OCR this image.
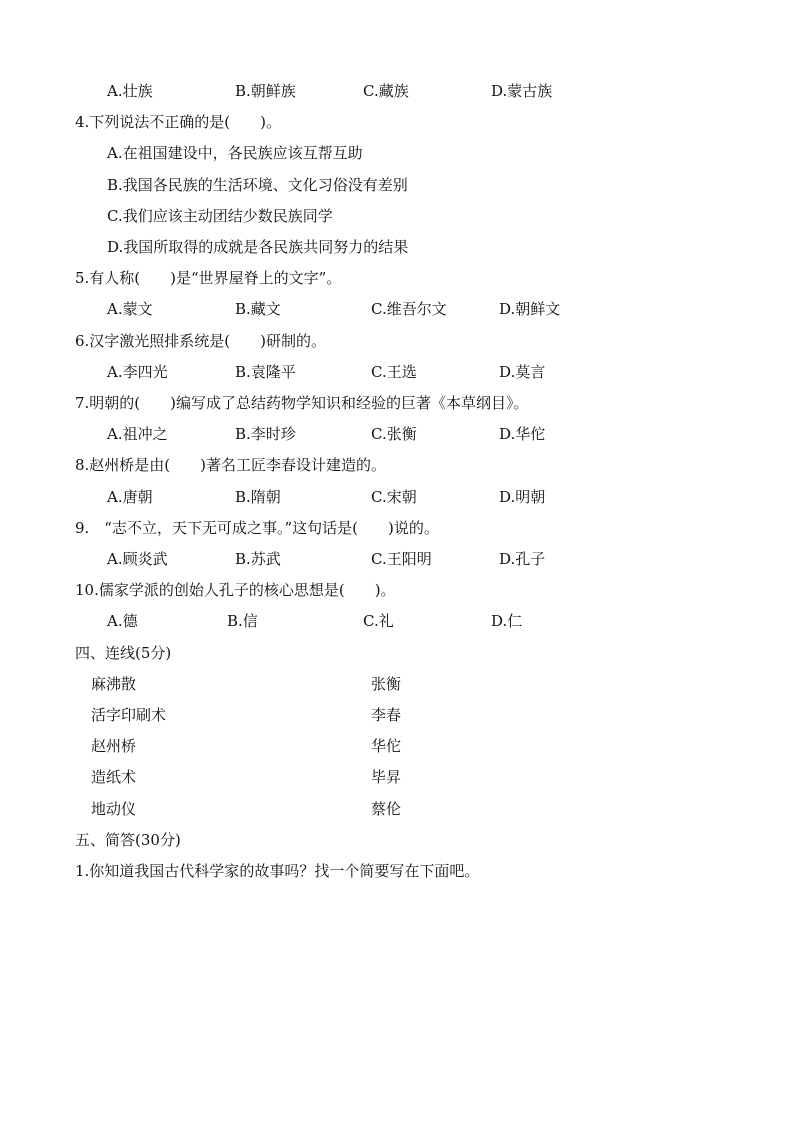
A.壮族	B.朝鲜族	C.藏族	D.蒙古族
4.下列说法不正确的是(　　)。
A.在祖国建设中，各民族应该互帮互助
B.我国各民族的生活环境、文化习俗没有差别
C.我们应该主动团结少数民族同学
D.我国所取得的成就是各民族共同努力的结果
5.有人称(　　)是“世界屋脊上的文字”。
A.蒙文	B.藏文	C.维吾尔文	D.朝鲜文
6.汉字激光照排系统是(　　)研制的。
A.李四光	B.袁隆平	C.王选	D.莫言
7.明朝的(　　)编写成了总结药物学知识和经验的巨著《本草纲目》。
A.祖冲之	B.李时珍	C.张衡	D.华佗
8.赵州桥是由(　　)著名工匠李春设计建造的。
A.唐朝	B.隋朝	C.宋朝	D.明朝
9.　“志不立，天下无可成之事。”这句话是(　　)说的。
A.顾炎武	B.苏武	C.王阳明	D.孔子
10.儒家学派的创始人孔子的核心思想是(　　)。
A.德	B.信	C.礼	D.仁
四、连线(5分)
麻沸散	张衡
活字印刷术	李春
赵州桥	华佗
造纸术	毕昇
地动仪	蔡伦
五、简答(30分)
1.你知道我国古代科学家的故事吗？找一个简要写在下面吧。
